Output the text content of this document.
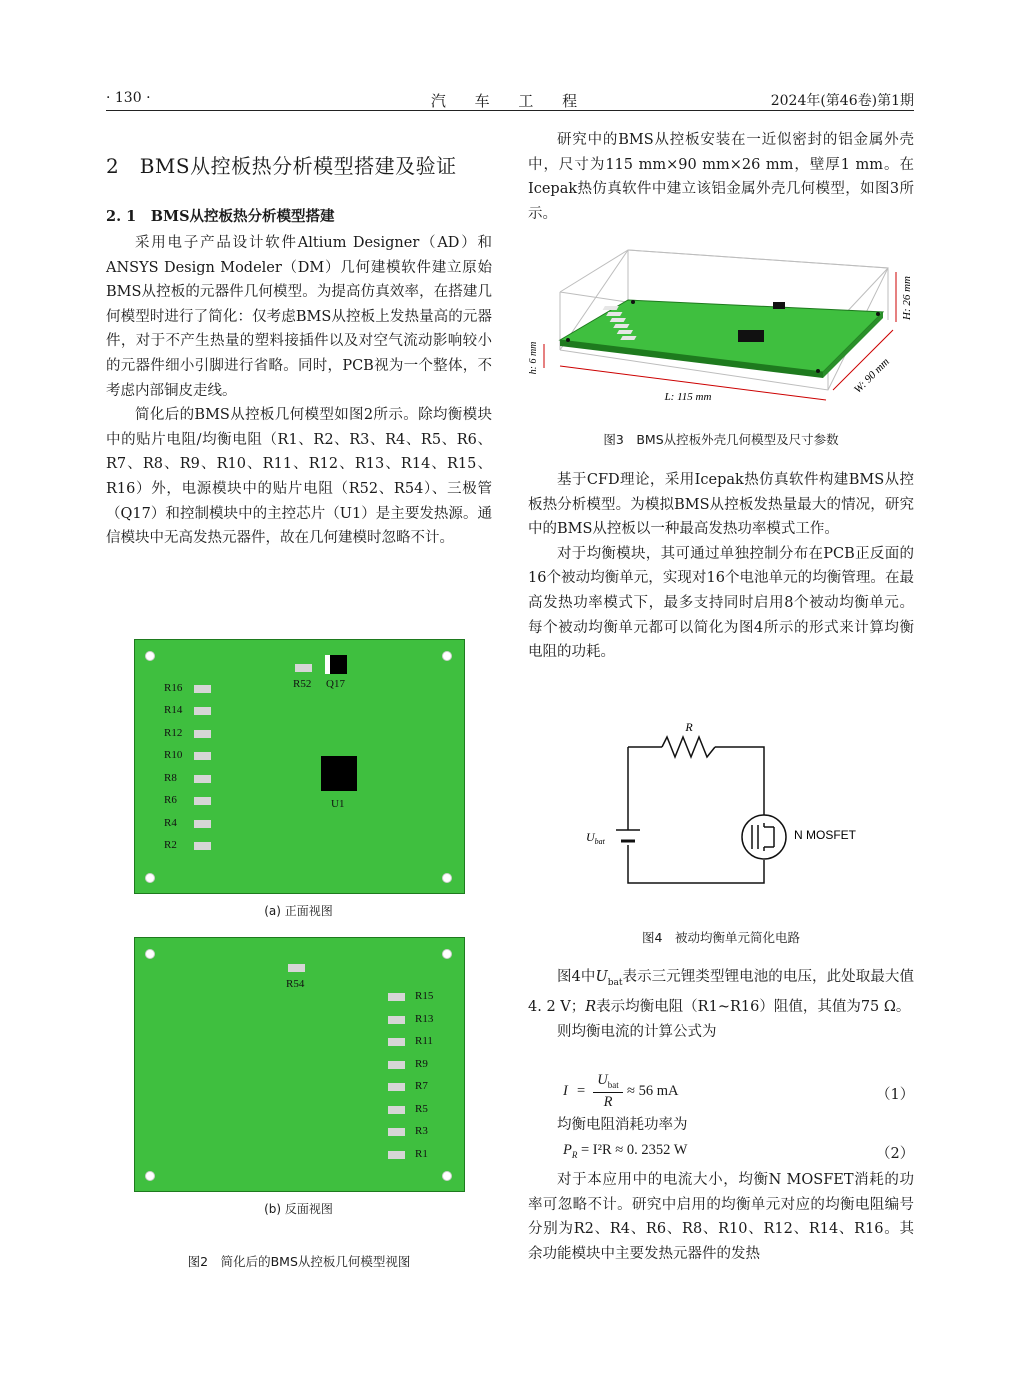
· 130 ·	汽 车 工 程	2024年(第46卷)第1期
2　BMS从控板热分析模型搭建及验证
2. 1　BMS从控板热分析模型搭建

采用电子产品设计软件Altium Designer（AD）和ANSYS Design Modeler（DM）几何建模软件建立原始BMS从控板的元器件几何模型。为提高仿真效率，在搭建几何模型时进行了简化：仅考虑BMS从控板上发热量高的元器件，对于不产生热量的塑料接插件以及对空气流动影响较小的元器件细小引脚进行省略。同时，PCB视为一个整体，不考虑内部铜皮走线。

简化后的BMS从控板几何模型如图2所示。除均衡模块中的贴片电阻/均衡电阻（R1、R2、R3、R4、R5、R6、R7、R8、R9、R10、R11、R12、R13、R14、R15、R16）外，电源模块中的贴片电阻（R52、R54）、三极管（Q17）和控制模块中的主控芯片（U1）是主要发热源。通信模块中无高发热元器件，故在几何建模时忽略不计。

R52 Q17
R16
R14
R12
R10
R8
R6
R4
R2
U1
(a) 正面视图
R54
R15
R13
R11
R9
R7
R5
R3
R1
(b) 反面视图
图2　简化后的BMS从控板几何模型视图

研究中的BMS从控板安装在一近似密封的铝金属外壳中，尺寸为115 mm×90 mm×26 mm，壁厚1 mm。在Icepak热仿真软件中建立该铝金属外壳几何模型，如图3所示。

H: 26 mm
h: 6 mm	W: 90 mm
L: 115 mm
图3　BMS从控板外壳几何模型及尺寸参数

基于CFD理论，采用Icepak热仿真软件构建BMS从控板热分析模型。为模拟BMS从控板发热量最大的情况，研究中的BMS从控板以一种最高发热功率模式工作。

对于均衡模块，其可通过单独控制分布在PCB正反面的16个被动均衡单元，实现对16个电池单元的均衡管理。在最高发热功率模式下，最多支持同时启用8个被动均衡单元。每个被动均衡单元都可以简化为图4所示的形式来计算均衡电阻的功耗。

R
$U_{bat}$	N MOSFET
图4　被动均衡单元简化电路

图4中$U_{bat}$表示三元锂类型锂电池的电压，此处取最大值4. 2 V；R表示均衡电阻（R1~R16）阻值，其值为75 Ω。

则均衡电流的计算公式为

I =
$U_{bat}$
R
≈ 56 mA	（1）

均衡电阻消耗功率为

$P_R = I^2R \approx 0$. 2352 W	（2）

对于本应用中的电流大小，均衡N MOSFET消耗的功率可忽略不计。研究中启用的均衡单元对应的均衡电阻编号分别为R2、R4、R6、R8、R10、R12、R14、R16。其余功能模块中主要发热元器件的发热
